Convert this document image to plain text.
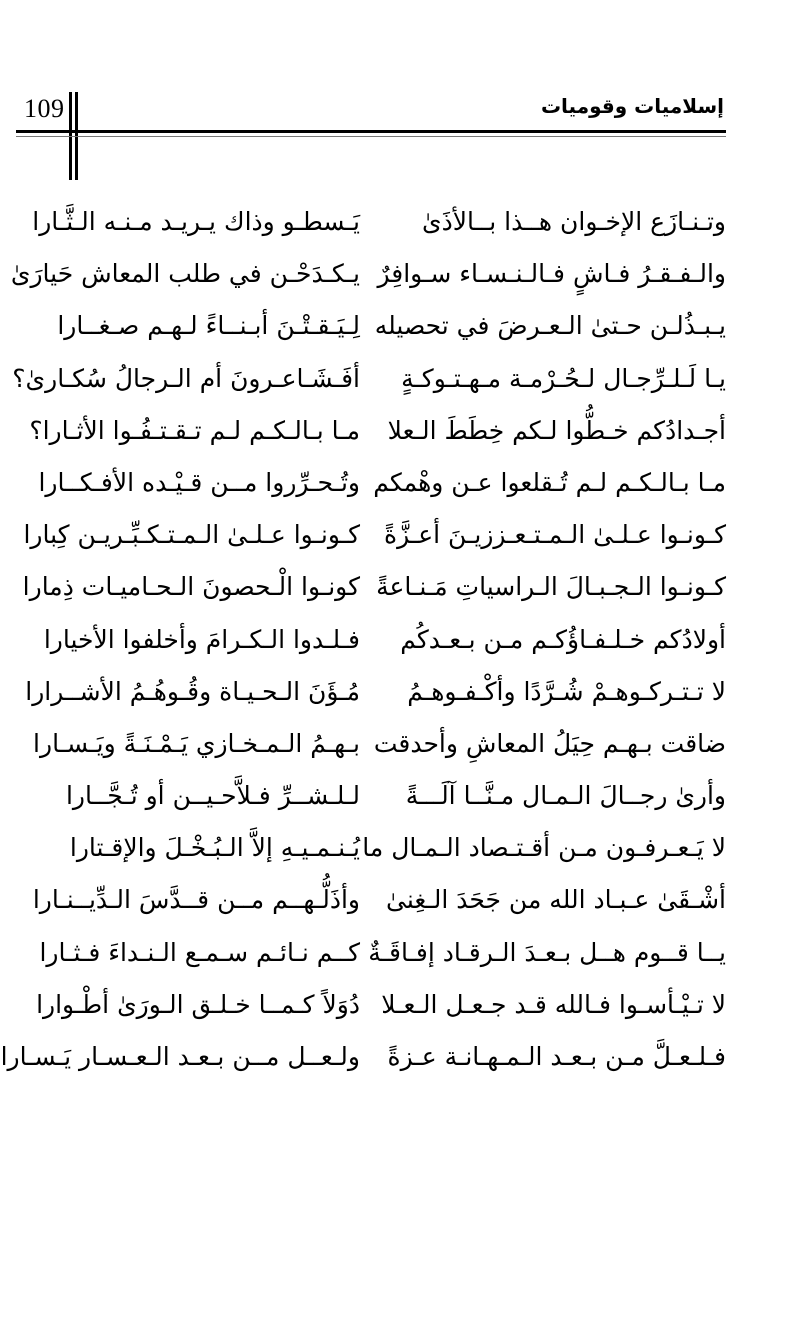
109	إسلاميات وقوميات
وتـنـازَع الإخـوان هــذا بــالأذَىٰ
يَـسطـو وذاك يـريـد مـنـه الـثَّـارا
والـفـقـرُ فـاشٍ فـالـنـسـاء سـوافِرٌ
يـكـدَحْـن في طلب المعاش حَيارَىٰ
يـبـذُلـن حـتىٰ الـعـرضَ في تحصيله
لِـيَـقـتْـنَ أبـنــاءً لـهـم صـغــارا
يـا لَـلـرِّجـال لـحُـرْمـة مـهـتـوكـةٍ
أفَـشَـاعـرونَ أم الـرجالُ سُكـارىٰ؟
أجـدادُكم خـطُّوا لـكم خِطَطَ الـعلا
مـا بـالـكـم لـم تـقـتـفُـوا الأثـارا؟
مـا بـالـكـم لـم تُـقلعوا عـن وهْمكم
وتُـحـرِّروا مــن قـيْـده الأفـكــارا
كـونـوا عـلـىٰ الـمـتـعـززيـنَ أعـزَّةً
كـونـوا عـلـىٰ الـمـتـكـبِّـريـن كِبارا
كـونـوا الـجـبـالَ الـراسياتِ مَـنـاعةً
كونـوا الْـحصونَ الـحـاميـات ذِمارا
أولادُكم خـلـفـاؤُكـم مـن بـعـدكُم
فـلـدوا الـكـرامَ وأخلفوا الأخيارا
لا تـتـركـوهـمْ شُـرَّدًا وأكْـفـوهـمُ
مُـؤَنَ الـحـيـاة وقُـوهُـمُ الأشــرارا
ضاقت بـهـم حِيَلُ المعاشِ وأحدقت
بـهـمُ الـمـخـازي يَـمْـنَـةً ويَـسـارا
وأرىٰ رجــالَ الـمـال مـنَّــا آلَـــةً
لـلـشــرِّ فـلاَّحـيــن أو تُـجَّــارا
لا يَـعـرفـون مـن أقـتـصاد الـمـال ما
يُـنـمـيـهِ إلاَّ الـبُـخْـلَ والإقـتارا
أشْـقَىٰ عـبـاد الله من جَحَدَ الـغِنىٰ
وأذَلُّـهــم مــن قــدَّسَ الـدِّيــنـارا
يــا قــوم هــل بـعـدَ الـرقـاد إفـاقَـةٌ
كــم نـائـم سـمـع الـنـداءَ فـثـارا
لا تـيْـأسـوا فـالله قـد جـعـل الـعـلا
دُوَلاً كـمــا خـلـق الـورَىٰ أطْـوارا
فـلـعـلَّ مـن بـعـد الـمـهـانـة عـزةً
ولـعــل مــن بـعـد الـعـسـار يَـسـارا
